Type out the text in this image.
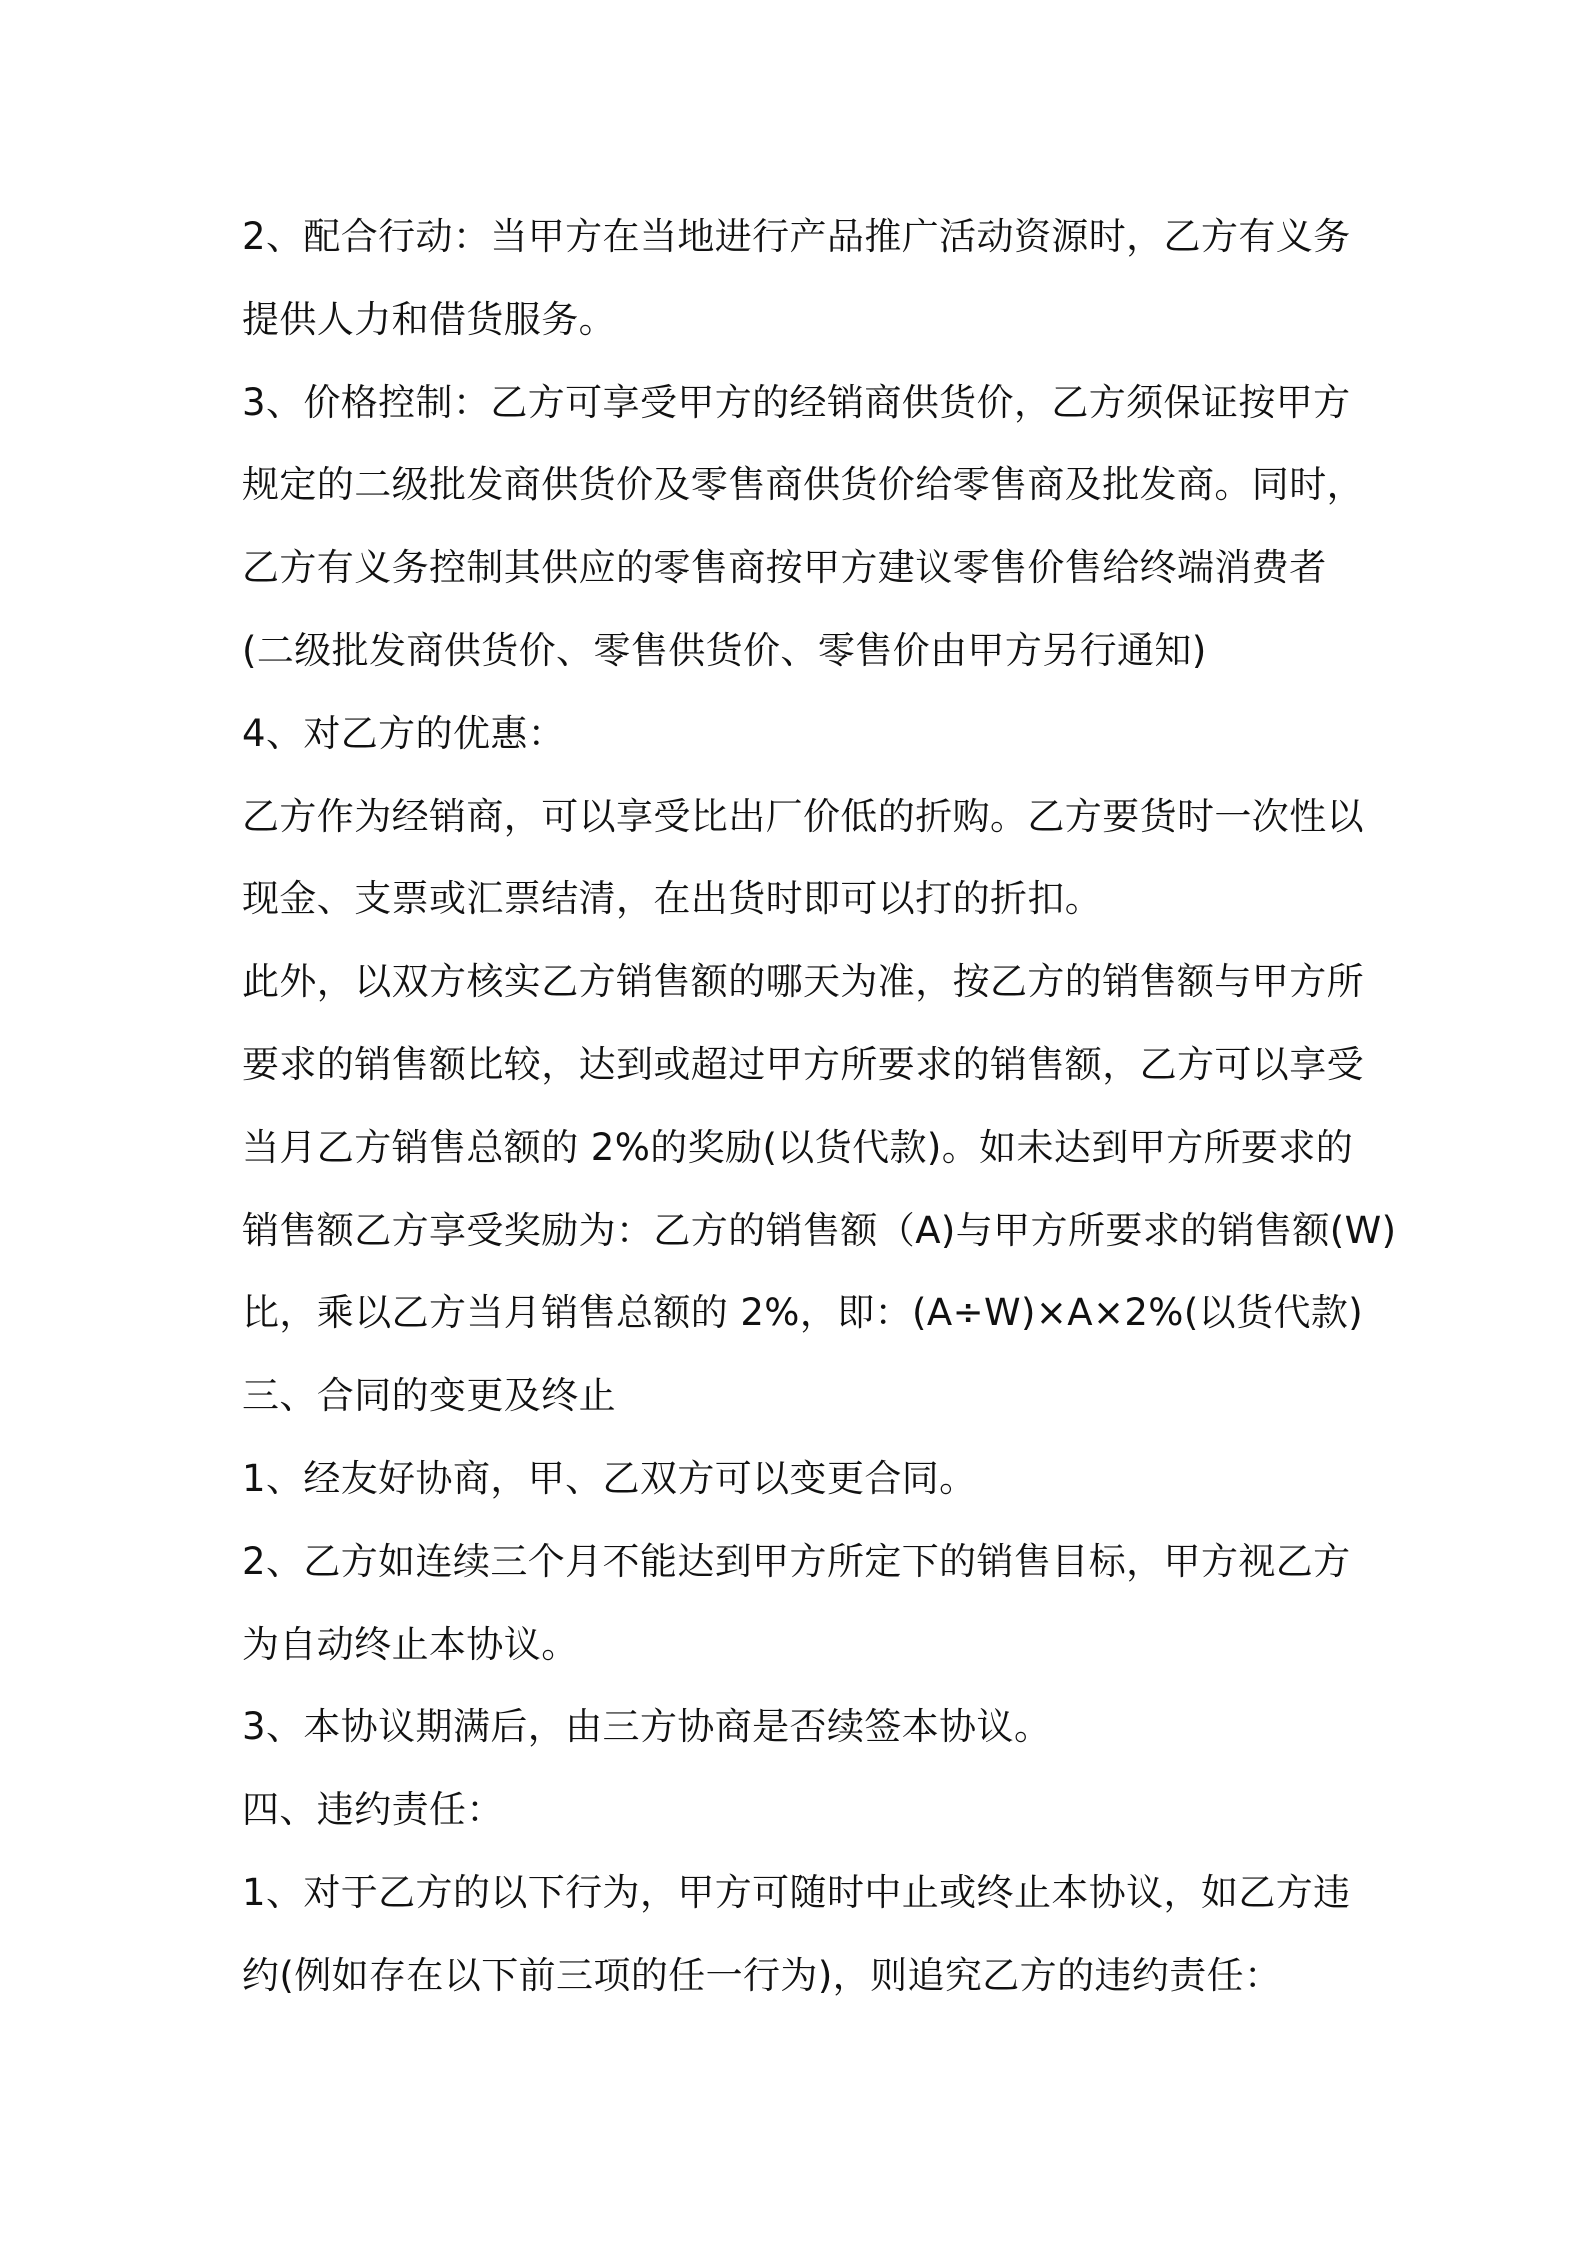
2、配合行动：当甲方在当地进行产品推广活动资源时，乙方有义务
提供人力和借货服务。
3、价格控制：乙方可享受甲方的经销商供货价，乙方须保证按甲方
规定的二级批发商供货价及零售商供货价给零售商及批发商。同时，
乙方有义务控制其供应的零售商按甲方建议零售价售给终端消费者
(二级批发商供货价、零售供货价、零售价由甲方另行通知)
4、对乙方的优惠：
乙方作为经销商，可以享受比出厂价低的折购。乙方要货时一次性以
现金、支票或汇票结清，在出货时即可以打的折扣。
此外，以双方核实乙方销售额的哪天为准，按乙方的销售额与甲方所
要求的销售额比较，达到或超过甲方所要求的销售额，乙方可以享受
当月乙方销售总额的 2%的奖励(以货代款)。如未达到甲方所要求的
销售额乙方享受奖励为：乙方的销售额（A)与甲方所要求的销售额(W)
比，乘以乙方当月销售总额的 2%，即：(A÷W)×A×2%(以货代款)
三、合同的变更及终止
1、经友好协商，甲、乙双方可以变更合同。
2、乙方如连续三个月不能达到甲方所定下的销售目标，甲方视乙方
为自动终止本协议。
3、本协议期满后，由三方协商是否续签本协议。
四、违约责任：
1、对于乙方的以下行为，甲方可随时中止或终止本协议，如乙方违
约(例如存在以下前三项的任一行为)，则追究乙方的违约责任：
